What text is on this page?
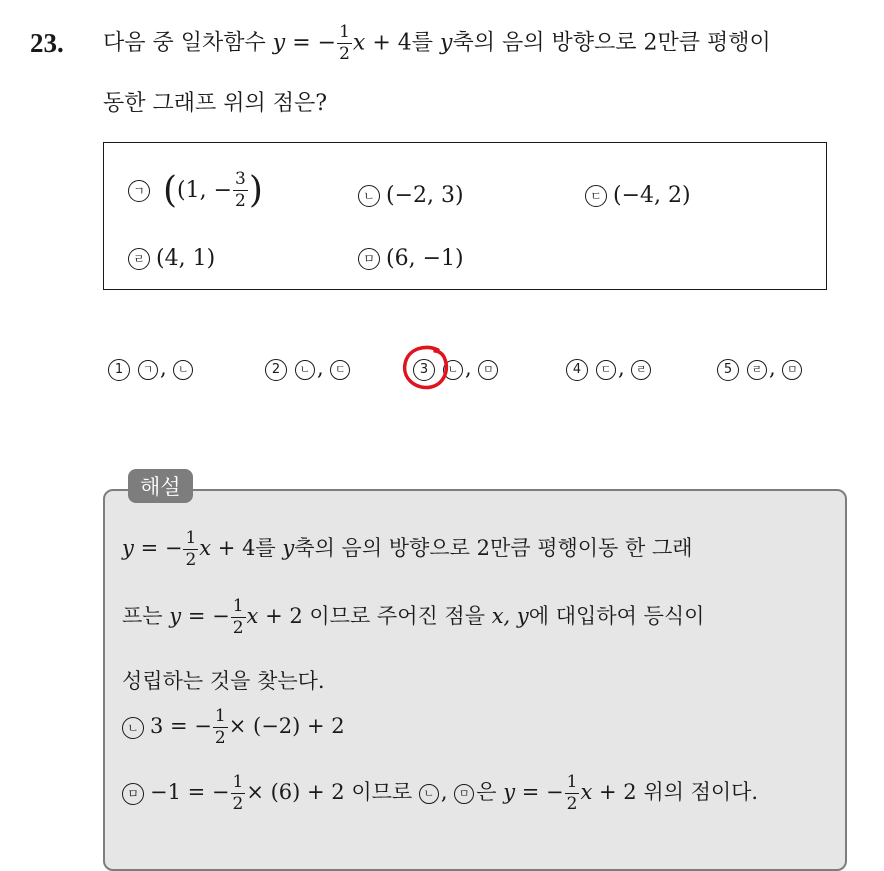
23. 다음 중 일차함수 y = − $\frac{1}{2}$ x + 4를 y축의 음의 방향으로 2만큼 평행이
동한 그래프 위의 점은?
ㄱ ((1, − $\frac{3}{2}$ )	ㄴ (−2, 3)	ㄷ (−4, 2)
ㄹ (4, 1)	ㅁ (6, −1)
1 ㄱ , ㄴ	2 ㄴ , ㄷ	3 ㄴ , ㅁ	4 ㄷ , ㄹ	5 ㄹ , ㅁ
해설
y = − $\frac{1}{2}$ x + 4를 y축의 음의 방향으로 2만큼 평행이동 한 그래
프는 y = − $\frac{1}{2}$ x + 2 이므로 주어진 점을 x, y에 대입하여 등식이
성립하는 것을 찾는다.
ㄴ 3 = − $\frac{1}{2} \times (-2) + 2$
ㅁ −1 = − $\frac{1}{2} \times (6) + 2$ 이므로 ㄴ , ㅁ 은 y = − $\frac{1}{2}$ x + 2 위의 점이다.
